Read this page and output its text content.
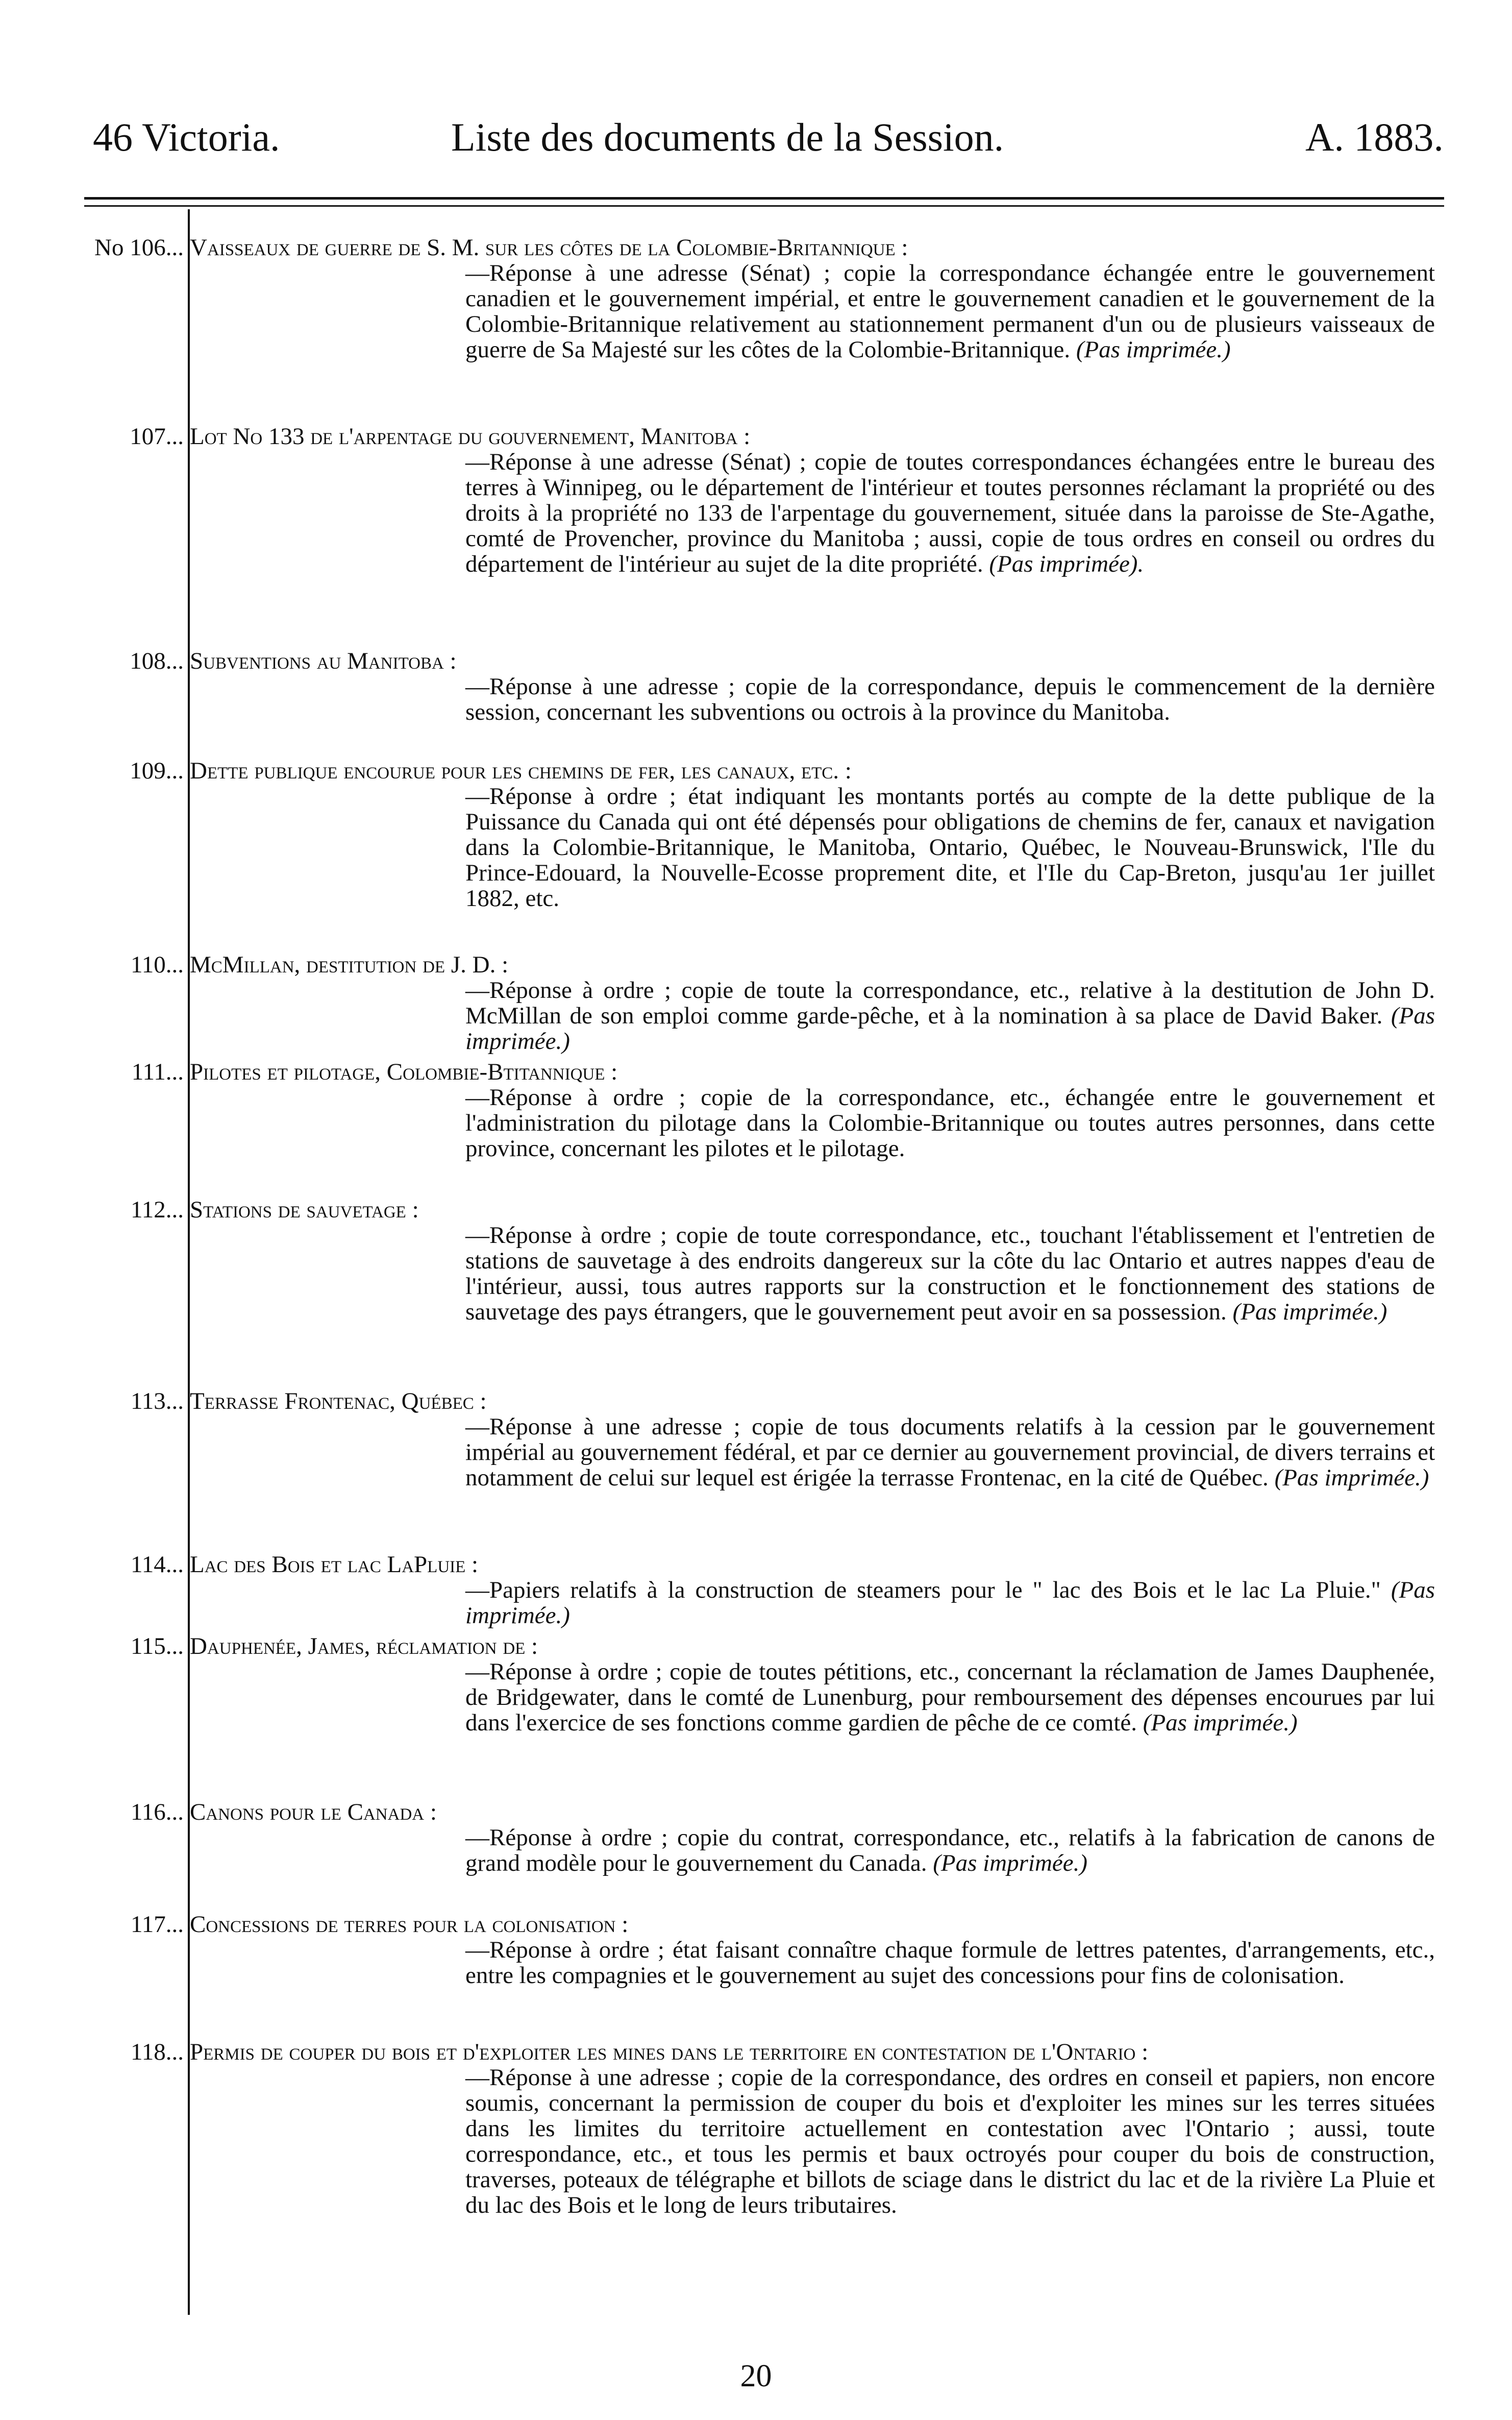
46 Victoria.	Liste des documents de la Session.	A. 1883.
No 106... Vaisseaux de guerre de S. M. sur les côtes de la Colombie-Britannique :
—Réponse à une adresse (Sénat) ; copie la correspondance échangée entre le gouvernement canadien et le gouvernement impérial, et entre le gouvernement canadien et le gouvernement de la Colombie-Britannique relativement au stationnement permanent d'un ou de plusieurs vaisseaux de guerre de Sa Majesté sur les côtes de la Colombie-Britannique. (Pas imprimée.)
107... Lot No 133 de l'arpentage du gouvernement, Manitoba :
—Réponse à une adresse (Sénat) ; copie de toutes correspondances échangées entre le bureau des terres à Winnipeg, ou le département de l'intérieur et toutes personnes réclamant la propriété ou des droits à la propriété no 133 de l'arpentage du gouvernement, située dans la paroisse de Ste-Agathe, comté de Provencher, province du Manitoba ; aussi, copie de tous ordres en conseil ou ordres du département de l'intérieur au sujet de la dite propriété. (Pas imprimée).
108... Subventions au Manitoba :
—Réponse à une adresse ; copie de la correspondance, depuis le commencement de la dernière session, concernant les subventions ou octrois à la province du Manitoba.
109... Dette publique encourue pour les chemins de fer, les canaux, etc. :
—Réponse à ordre ; état indiquant les montants portés au compte de la dette publique de la Puissance du Canada qui ont été dépensés pour obligations de chemins de fer, canaux et navigation dans la Colombie-Britannique, le Manitoba, Ontario, Québec, le Nouveau-Brunswick, l'Ile du Prince-Edouard, la Nouvelle-Ecosse proprement dite, et l'Ile du Cap-Breton, jusqu'au 1er juillet 1882, etc.
110... McMillan, destitution de J. D. :
—Réponse à ordre ; copie de toute la correspondance, etc., relative à la destitution de John D. McMillan de son emploi comme garde-pêche, et à la nomination à sa place de David Baker. (Pas imprimée.)
111... Pilotes et pilotage, Colombie-Btitannique :
—Réponse à ordre ; copie de la correspondance, etc., échangée entre le gouvernement et l'administration du pilotage dans la Colombie-Britannique ou toutes autres personnes, dans cette province, concernant les pilotes et le pilotage.
112... Stations de sauvetage :
—Réponse à ordre ; copie de toute correspondance, etc., touchant l'établissement et l'entretien de stations de sauvetage à des endroits dangereux sur la côte du lac Ontario et autres nappes d'eau de l'intérieur, aussi, tous autres rapports sur la construction et le fonctionnement des stations de sauvetage des pays étrangers, que le gouvernement peut avoir en sa possession. (Pas imprimée.)
113... Terrasse Frontenac, Québec :
—Réponse à une adresse ; copie de tous documents relatifs à la cession par le gouvernement impérial au gouvernement fédéral, et par ce dernier au gouvernement provincial, de divers terrains et notamment de celui sur lequel est érigée la terrasse Frontenac, en la cité de Québec. (Pas imprimée.)
114... Lac des Bois et lac LaPluie :
—Papiers relatifs à la construction de steamers pour le " lac des Bois et le lac La Pluie." (Pas imprimée.)
115... Dauphenée, James, réclamation de :
—Réponse à ordre ; copie de toutes pétitions, etc., concernant la réclamation de James Dauphenée, de Bridgewater, dans le comté de Lunenburg, pour remboursement des dépenses encourues par lui dans l'exercice de ses fonctions comme gardien de pêche de ce comté. (Pas imprimée.)
116... Canons pour le Canada :
—Réponse à ordre ; copie du contrat, correspondance, etc., relatifs à la fabrication de canons de grand modèle pour le gouvernement du Canada. (Pas imprimée.)
117... Concessions de terres pour la colonisation :
—Réponse à ordre ; état faisant connaître chaque formule de lettres patentes, d'arrangements, etc., entre les compagnies et le gouvernement au sujet des concessions pour fins de colonisation.
118... Permis de couper du bois et d'exploiter les mines dans le territoire en contestation de l'Ontario :
—Réponse à une adresse ; copie de la correspondance, des ordres en conseil et papiers, non encore soumis, concernant la permission de couper du bois et d'exploiter les mines sur les terres situées dans les limites du territoire actuellement en contestation avec l'Ontario ; aussi, toute correspondance, etc., et tous les permis et baux octroyés pour couper du bois de construction, traverses, poteaux de télégraphe et billots de sciage dans le district du lac et de la rivière La Pluie et du lac des Bois et le long de leurs tributaires.
20
